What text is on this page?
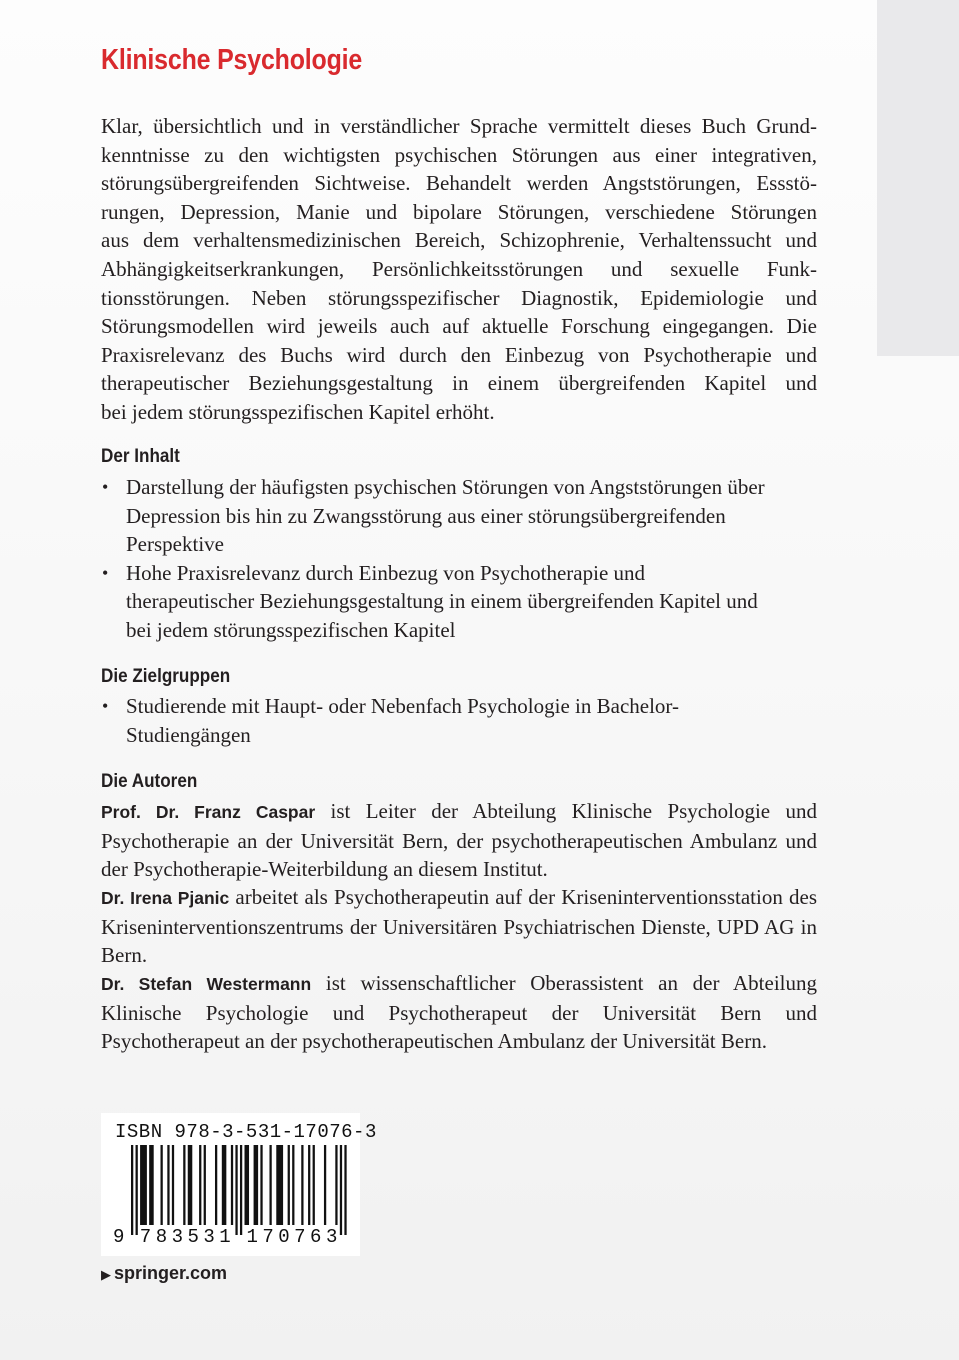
Klinische Psychologie
Klar, übersichtlich und in verständlicher Sprache vermittelt dieses Buch Grund-
kenntnisse zu den wichtigsten psychischen Störungen aus einer integrativen,
störungsübergreifenden Sichtweise. Behandelt werden Angststörungen, Essstö-
rungen, Depression, Manie und bipolare Störungen, verschiedene Störungen
aus dem verhaltensmedizinischen Bereich, Schizophrenie, Verhaltenssucht und
Abhängigkeitserkrankungen, Persönlichkeitsstörungen und sexuelle Funk-
tionsstörungen. Neben störungsspezifischer Diagnostik, Epidemiologie und
Störungsmodellen wird jeweils auch auf aktuelle Forschung eingegangen. Die
Praxisrelevanz des Buchs wird durch den Einbezug von Psychotherapie und
therapeutischer Beziehungsgestaltung in einem übergreifenden Kapitel und
bei jedem störungsspezifischen Kapitel erhöht.
Der Inhalt
• Darstellung der häufigsten psychischen Störungen von Angststörungen über Depression bis hin zu Zwangsstörung aus einer störungsübergreifenden Perspektive
• Hohe Praxisrelevanz durch Einbezug von Psychotherapie und therapeutischer Beziehungsgestaltung in einem übergreifenden Kapitel und bei jedem störungsspezifischen Kapitel
Die Zielgruppen
• Studierende mit Haupt- oder Nebenfach Psychologie in Bachelor-Studiengängen
Die Autoren

Prof. Dr. Franz Caspar ist Leiter der Abteilung Klinische Psychologie und Psychotherapie an der Universität Bern, der psychotherapeutischen Ambulanz und der Psychotherapie-Weiterbildung an diesem Institut.

Dr. Irena Pjanic arbeitet als Psychotherapeutin auf der Kriseninterventionsstation des Kriseninterventionszentrums der Universitären Psychiatrischen Dienste, UPD AG in Bern.

Dr. Stefan Westermann ist wissenschaftlicher Oberassistent an der Abteilung Klinische Psychologie und Psychotherapeut der Universität Bern und Psychotherapeut an der psychotherapeutischen Ambulanz der Universität Bern.

ISBN 978-3-531-17076-3
9 7 8 3 5 3 1 1 7 0 7 6 3
▶ springer.com
